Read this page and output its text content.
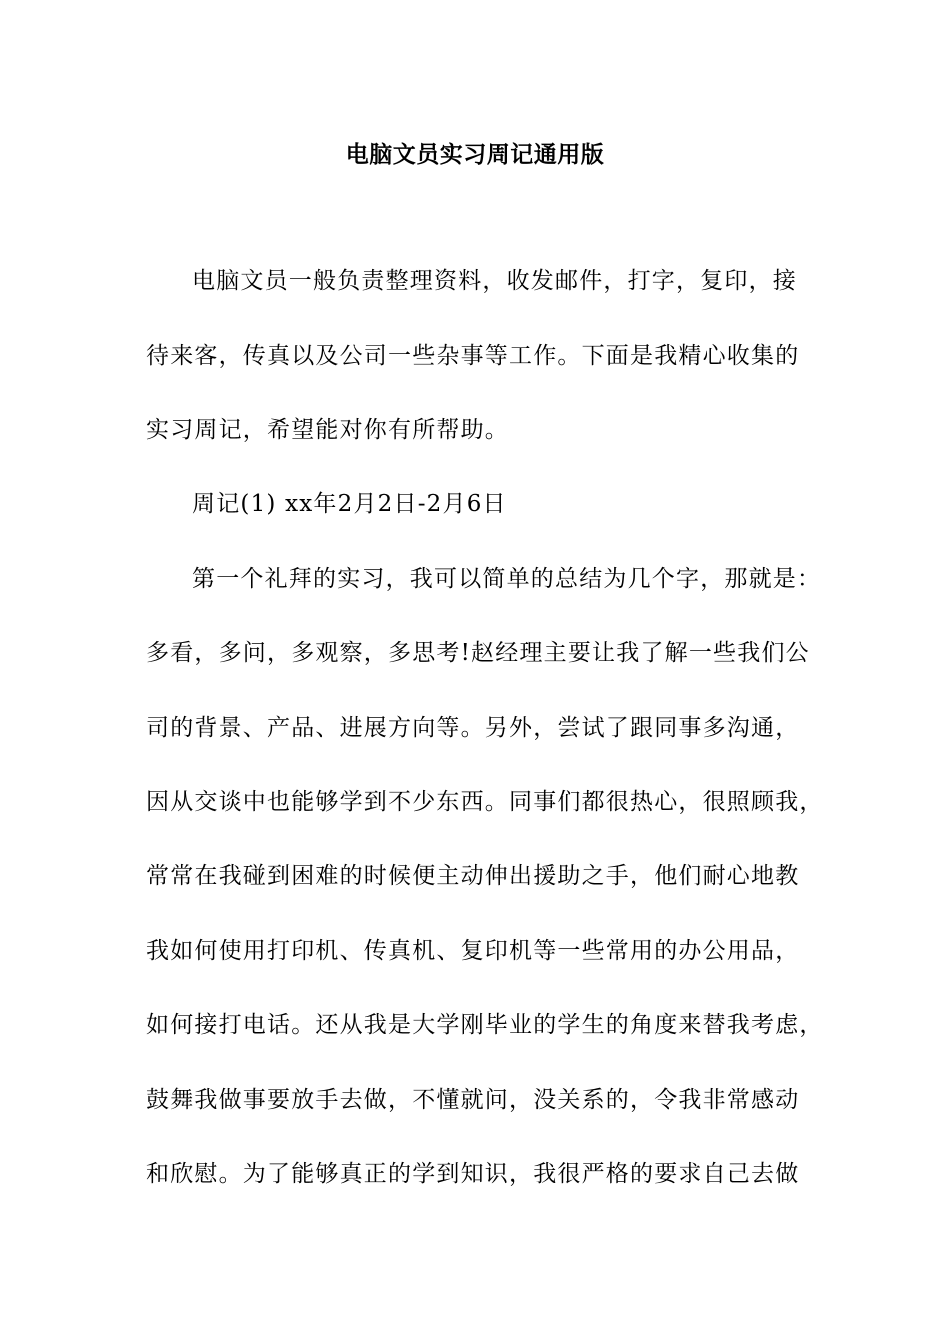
电脑文员实习周记通用版
电脑文员一般负责整理资料，收发邮件，打字，复印，接
待来客，传真以及公司一些杂事等工作。下面是我精心收集的
实习周记，希望能对你有所帮助。
周记(1) xx年2月2日-2月6日
第一个礼拜的实习，我可以简单的总结为几个字，那就是：
多看，多问，多观察，多思考!赵经理主要让我了解一些我们公
司的背景、产品、进展方向等。另外，尝试了跟同事多沟通，
因从交谈中也能够学到不少东西。同事们都很热心，很照顾我，
常常在我碰到困难的时候便主动伸出援助之手，他们耐心地教
我如何使用打印机、传真机、复印机等一些常用的办公用品，
如何接打电话。还从我是大学刚毕业的学生的角度来替我考虑，
鼓舞我做事要放手去做，不懂就问，没关系的，令我非常感动
和欣慰。为了能够真正的学到知识，我很严格的要求自己去做
